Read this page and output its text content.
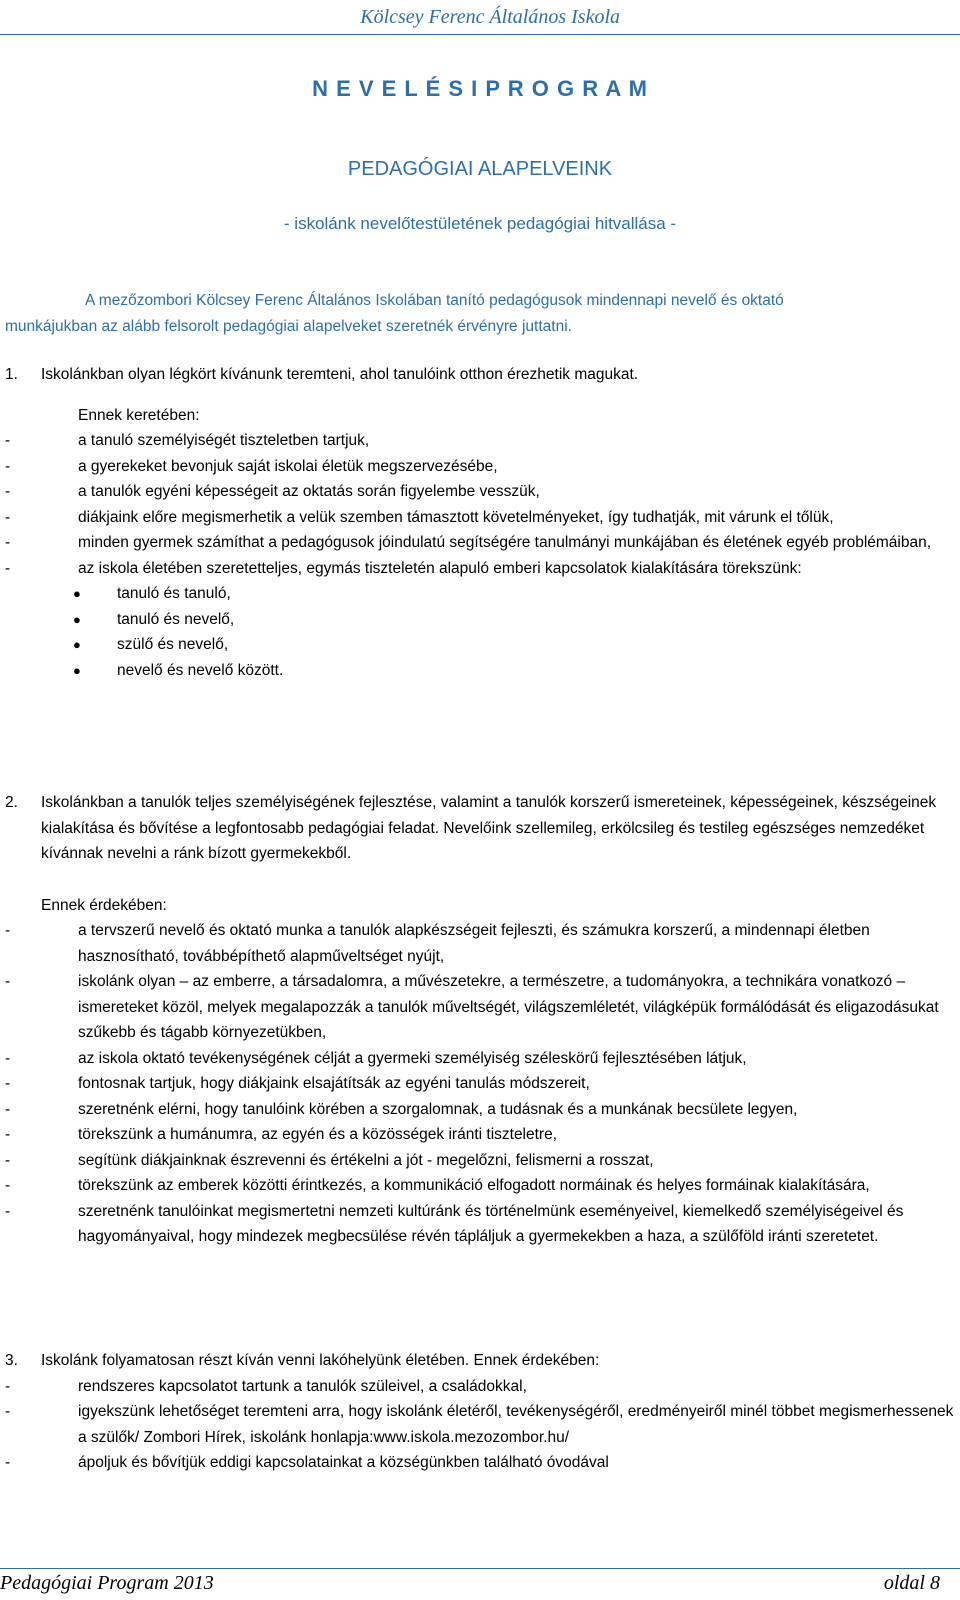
Kölcsey Ferenc Általános Iskola
N E V E L É S I P R O G R A M
PEDAGÓGIAI ALAPELVEINK
- iskolánk nevelőtestületének pedagógiai hitvallása -
A mezőzombori Kölcsey Ferenc Általános Iskolában tanító pedagógusok mindennapi nevelő és oktató
munkájukban az alább felsorolt pedagógiai alapelveket szeretnék érvényre juttatni.
1.	Iskolánkban olyan légkört kívánunk teremteni, ahol tanulóink otthon érezhetik magukat.
Ennek keretében:
-	a tanuló személyiségét tiszteletben tartjuk,
-	a gyerekeket bevonjuk saját iskolai életük megszervezésébe,
-	a tanulók egyéni képességeit az oktatás során figyelembe vesszük,
-	diákjaink előre megismerhetik a velük szemben támasztott követelményeket, így tudhatják, mit várunk el tőlük,
-	minden gyermek számíthat a pedagógusok jóindulatú segítségére tanulmányi munkájában és életének egyéb problémáiban,
-	az iskola életében szeretetteljes, egymás tiszteletén alapuló emberi kapcsolatok kialakítására törekszünk:
●	tanuló és tanuló,
●	tanuló és nevelő,
●	szülő és nevelő,
●	nevelő és nevelő között.
2.	Iskolánkban a tanulók teljes személyiségének fejlesztése, valamint a tanulók korszerű ismereteinek, képességeinek, készségeinek kialakítása és bővítése a legfontosabb pedagógiai feladat. Nevelőink szellemileg, erkölcsileg és testileg egészséges nemzedéket kívánnak nevelni a ránk bízott gyermekekből.
Ennek érdekében:
-	a tervszerű nevelő és oktató munka a tanulók alapkészségeit fejleszti, és számukra korszerű, a mindennapi életben hasznosítható, továbbépíthető alapműveltséget nyújt,
-	iskolánk olyan – az emberre, a társadalomra, a művészetekre, a természetre, a tudományokra, a technikára vonatkozó – ismereteket közöl, melyek megalapozzák a tanulók műveltségét, világszemléletét, világképük formálódását és eligazodásukat szűkebb és tágabb környezetükben,
-	az iskola oktató tevékenységének célját a gyermeki személyiség széleskörű fejlesztésében látjuk,
-	fontosnak tartjuk, hogy diákjaink elsajátítsák az egyéni tanulás módszereit,
-	szeretnénk elérni, hogy tanulóink körében a szorgalomnak, a tudásnak és a munkának becsülete legyen,
-	törekszünk a humánumra, az egyén és a közösségek iránti tiszteletre,
-	segítünk diákjainknak észrevenni és értékelni a jót - megelőzni, felismerni a rosszat,
-	törekszünk az emberek közötti érintkezés, a kommunikáció elfogadott normáinak és helyes formáinak kialakítására,
-	szeretnénk tanulóinkat megismertetni nemzeti kultúránk és történelmünk eseményeivel, kiemelkedő személyiségeivel és hagyományaival, hogy mindezek megbecsülése révén tápláljuk a gyermekekben a haza, a szülőföld iránti szeretetet.
3.	Iskolánk folyamatosan részt kíván venni lakóhelyünk életében. Ennek érdekében:
-	rendszeres kapcsolatot tartunk a tanulók szüleivel, a családokkal,
-	igyekszünk lehetőséget teremteni arra, hogy iskolánk életéről, tevékenységéről, eredményeiről minél többet megismerhessenek a szülők/ Zombori Hírek, iskolánk honlapja:www.iskola.mezozombor.hu/
-	ápoljuk és bővítjük eddigi kapcsolatainkat a községünkben található óvodával
Pedagógiai Program 2013	oldal 8
